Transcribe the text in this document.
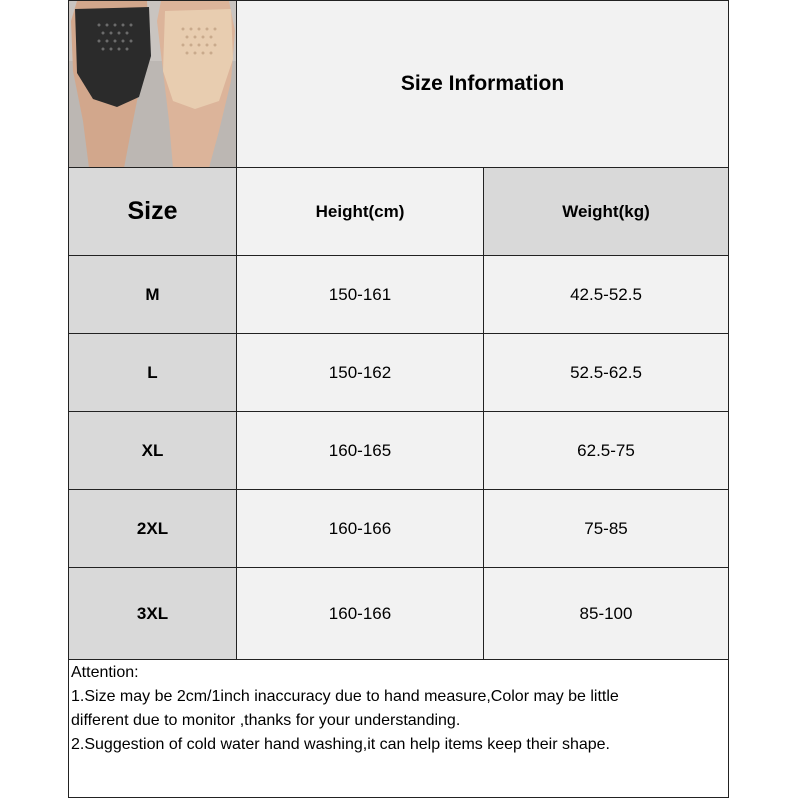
Size Information
Size	Height(cm)	Weight(kg)
M	150-161	42.5-52.5
L	150-162	52.5-62.5
XL	160-165	62.5-75
2XL	160-166	75-85
3XL	160-166	85-100
Attention:
1.Size may be 2cm/1inch inaccuracy due to hand measure,Color may be little
different due to monitor ,thanks for your understanding.
2.Suggestion of cold water hand washing,it can help items keep their shape.
